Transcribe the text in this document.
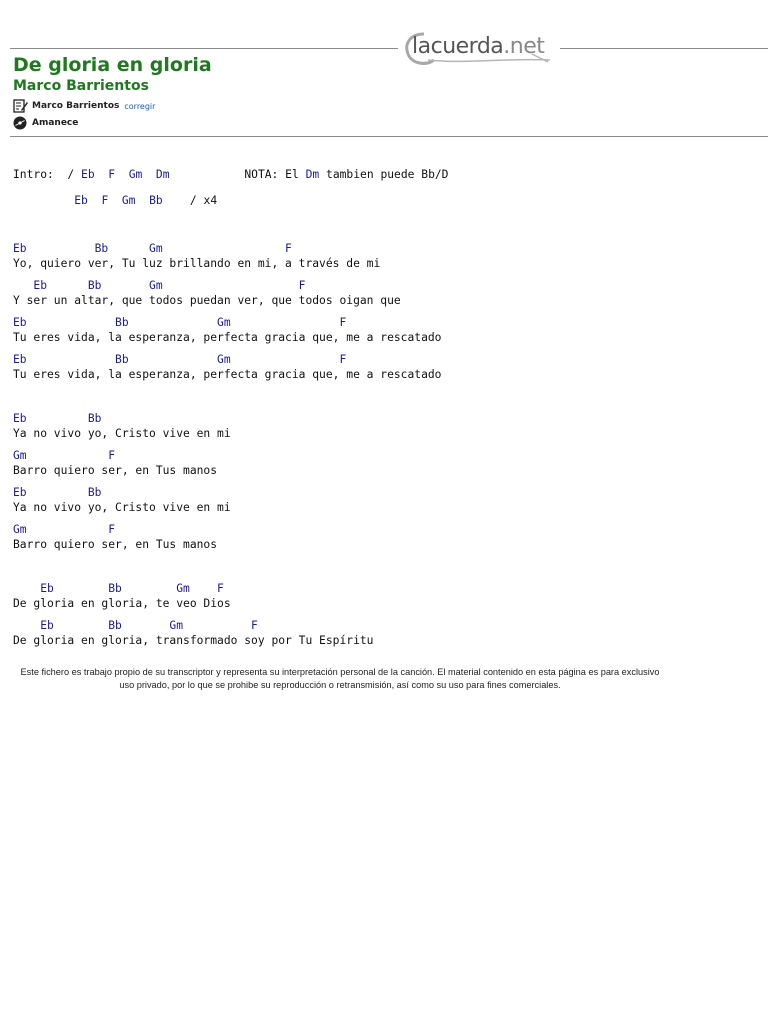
lacuerda.net
De gloria en gloria
Marco Barrientos
Marco Barrientos corregir
Amanece
Intro: / Eb F Gm Dm	NOTA: El Dm tambien puede Bb/D
Eb F Gm Bb / x4
Eb          Bb      Gm                  F
Yo, quiero ver, Tu luz brillando en mi, a través de mi
Eb      Bb       Gm                    F
Y ser un altar, que todos puedan ver, que todos oigan que
Eb             Bb             Gm                F
Tu eres vida, la esperanza, perfecta gracia que, me a rescatado
Eb             Bb             Gm                F
Tu eres vida, la esperanza, perfecta gracia que, me a rescatado
Eb         Bb
Ya no vivo yo, Cristo vive en mi
Gm            F
Barro quiero ser, en Tus manos
Eb         Bb
Ya no vivo yo, Cristo vive en mi
Gm            F
Barro quiero ser, en Tus manos
Eb        Bb        Gm    F
De gloria en gloria, te veo Dios
Eb        Bb       Gm          F
De gloria en gloria, transformado soy por Tu Espíritu
Este fichero es trabajo propio de su transcriptor y representa su interpretación personal de la canción. El material contenido en esta página es para exclusivo uso privado, por lo que se prohibe su reproducción o retransmisión, así como su uso para fines comerciales.
